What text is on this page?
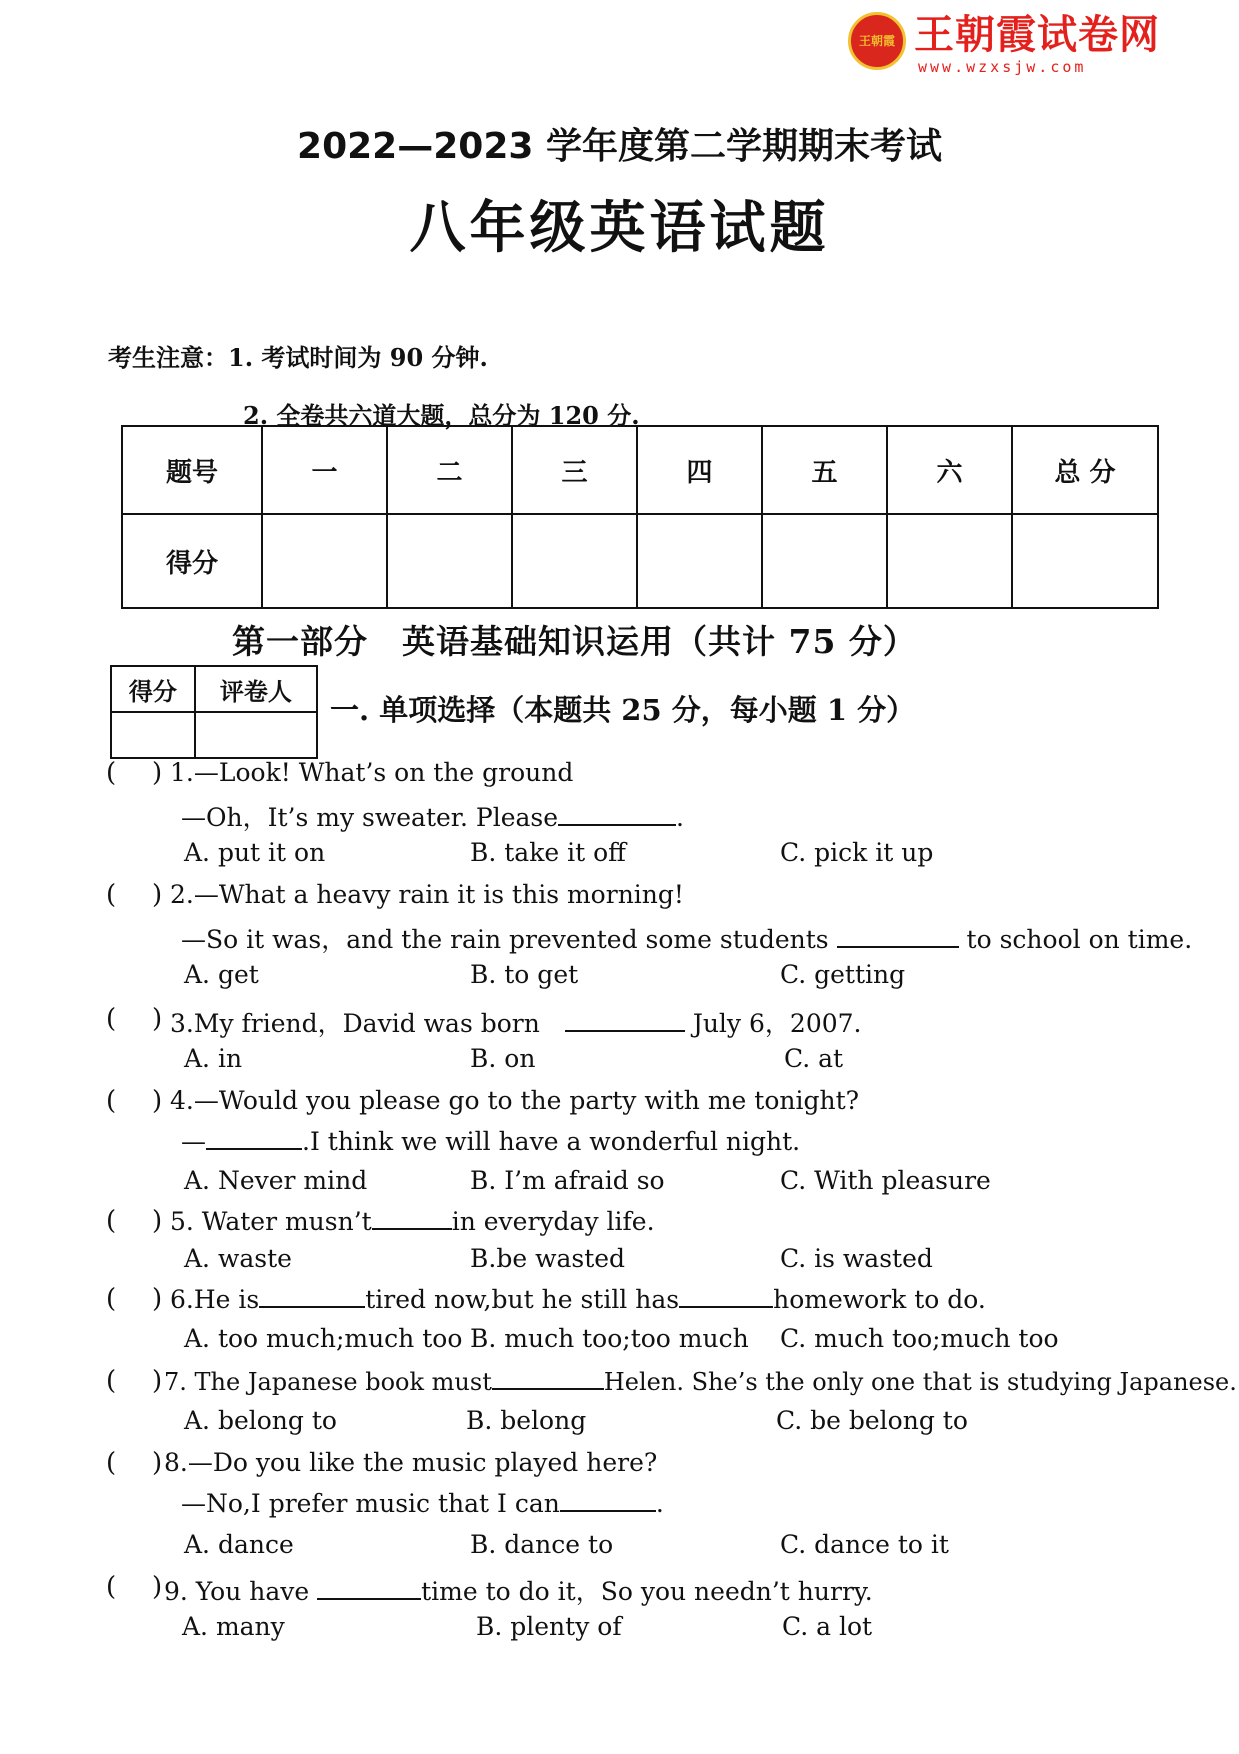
王朝霞 王朝霞试卷网
www.wzxsjw.com
2022—2023 学年度第二学期期末考试
八年级英语试题
考生注意：1. 考试时间为 90 分钟.
2. 全卷共六道大题，总分为 120 分.
题号	一	二	三	四	五	六	总 分
得分							
第一部分　英语基础知识运用（共计 75 分）
得分	评卷人

一. 单项选择（本题共 25 分，每小题 1 分）
( ) 1.—Look! What’s on the ground
—Oh，It’s my sweater. Please	.
A. put it on	B. take it off	C. pick it up
( ) 2.—What a heavy rain it is this morning!
—So it was，and the rain prevented some students	to school on time.
A. get	B. to get	C. getting
( ) 3.My friend，David was born　	July 6，2007.
A. in	B. on	C. at
( ) 4.—Would you please go to the party with me tonight?
—	.I think we will have a wonderful night.
A. Never mind	B. I’m afraid so	C. With pleasure
( ) 5. Water musn’t	in everyday life.
A. waste	B.be wasted	C. is wasted
( ) 6.He is	tired now,but he still has	homework to do.
A. too much;much too B. much too;too much C. much too;much too
( ) 7. The Japanese book must	Helen. She’s the only one that is studying Japanese.
A. belong to	B. belong	C. be belong to
( ) 8.—Do you like the music played here?
—No,I prefer music that I can	.
A. dance	B. dance to	C. dance to it
( ) 9. You have	time to do it，So you needn’t hurry.
A. many	B. plenty of	C. a lot
